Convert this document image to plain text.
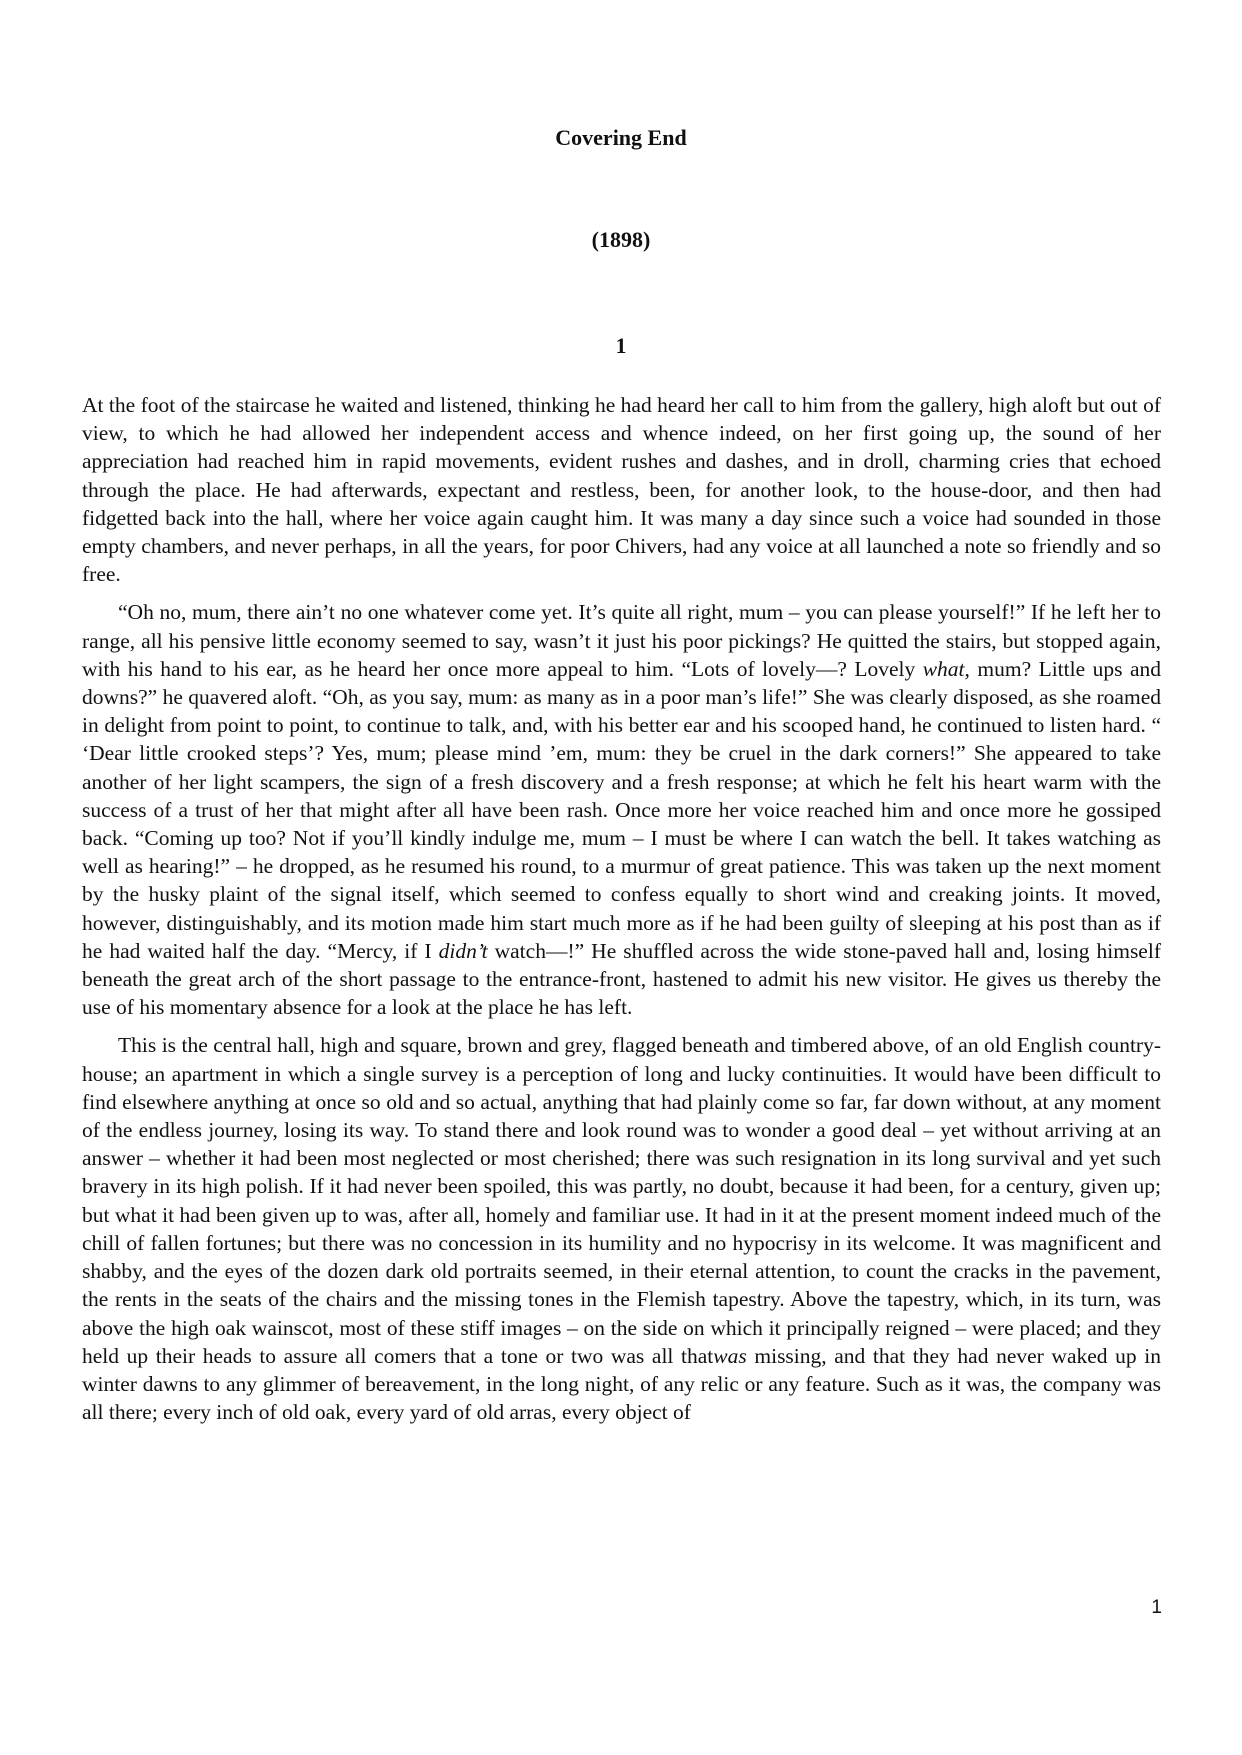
Covering End
(1898)
1

At the foot of the staircase he waited and listened, thinking he had heard her call to him from the gallery, high aloft but out of view, to which he had allowed her independent access and whence indeed, on her first going up, the sound of her appreciation had reached him in rapid movements, evident rushes and dashes, and in droll, charming cries that echoed through the place. He had afterwards, expectant and restless, been, for another look, to the house-door, and then had fidgetted back into the hall, where her voice again caught him. It was many a day since such a voice had sounded in those empty chambers, and never perhaps, in all the years, for poor Chivers, had any voice at all launched a note so friendly and so free.

“Oh no, mum, there ain’t no one whatever come yet. It’s quite all right, mum – you can please yourself!” If he left her to range, all his pensive little economy seemed to say, wasn’t it just his poor pickings? He quitted the stairs, but stopped again, with his hand to his ear, as he heard her once more appeal to him. “Lots of lovely—? Lovely what, mum? Little ups and downs?” he quavered aloft. “Oh, as you say, mum: as many as in a poor man’s life!” She was clearly disposed, as she roamed in delight from point to point, to continue to talk, and, with his better ear and his scooped hand, he continued to listen hard. “ ‘Dear little crooked steps’? Yes, mum; please mind ’em, mum: they be cruel in the dark corners!” She appeared to take another of her light scampers, the sign of a fresh discovery and a fresh response; at which he felt his heart warm with the success of a trust of her that might after all have been rash. Once more her voice reached him and once more he gossiped back. “Coming up too? Not if you’ll kindly indulge me, mum – I must be where I can watch the bell. It takes watching as well as hearing!” – he dropped, as he resumed his round, to a murmur of great patience. This was taken up the next moment by the husky plaint of the signal itself, which seemed to confess equally to short wind and creaking joints. It moved, however, distinguishably, and its motion made him start much more as if he had been guilty of sleeping at his post than as if he had waited half the day. “Mercy, if I didn’t watch—!” He shuffled across the wide stone-paved hall and, losing himself beneath the great arch of the short passage to the entrance-front, hastened to admit his new visitor. He gives us thereby the use of his momentary absence for a look at the place he has left.

This is the central hall, high and square, brown and grey, flagged beneath and timbered above, of an old English country-house; an apartment in which a single survey is a perception of long and lucky continuities. It would have been difficult to find elsewhere anything at once so old and so actual, anything that had plainly come so far, far down without, at any moment of the endless journey, losing its way. To stand there and look round was to wonder a good deal – yet without arriving at an answer – whether it had been most neglected or most cherished; there was such resignation in its long survival and yet such bravery in its high polish. If it had never been spoiled, this was partly, no doubt, because it had been, for a century, given up; but what it had been given up to was, after all, homely and familiar use. It had in it at the present moment indeed much of the chill of fallen fortunes; but there was no concession in its humility and no hypocrisy in its welcome. It was magnificent and shabby, and the eyes of the dozen dark old portraits seemed, in their eternal attention, to count the cracks in the pavement, the rents in the seats of the chairs and the missing tones in the Flemish tapestry. Above the tapestry, which, in its turn, was above the high oak wainscot, most of these stiff images – on the side on which it principally reigned – were placed; and they held up their heads to assure all comers that a tone or two was all thatwas missing, and that they had never waked up in winter dawns to any glimmer of bereavement, in the long night, of any relic or any feature. Such as it was, the company was all there; every inch of old oak, every yard of old arras, every object of

1
